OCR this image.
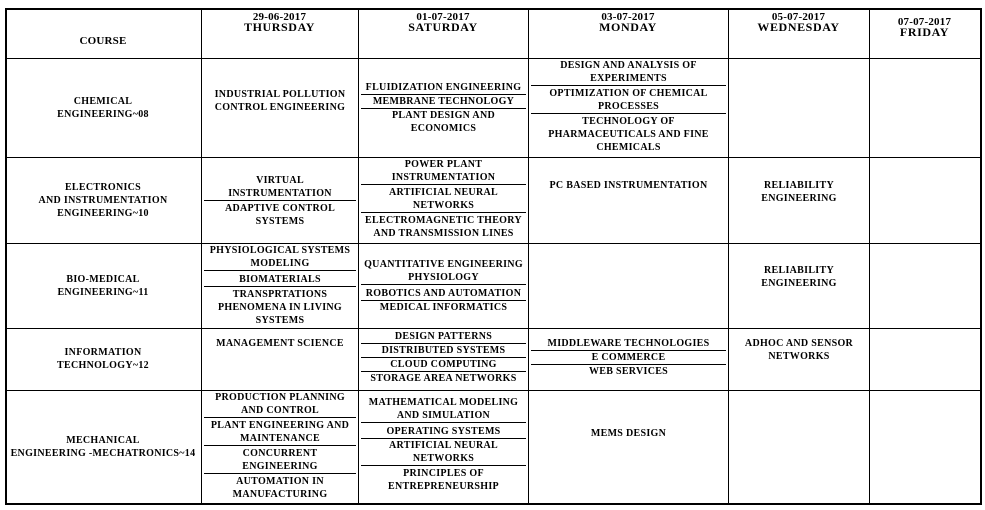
COURSE
29-06-2017
THURSDAY
01-07-2017
SATURDAY
03-07-2017
MONDAY
05-07-2017
WEDNESDAY	07-07-2017
FRIDAY
CHEMICAL
ENGINEERING~08
INDUSTRIAL POLLUTION CONTROL ENGINEERING
FLUIDIZATION ENGINEERING
MEMBRANE TECHNOLOGY
PLANT DESIGN AND ECONOMICS
DESIGN AND ANALYSIS OF EXPERIMENTS
OPTIMIZATION OF CHEMICAL PROCESSES
TECHNOLOGY OF PHARMACEUTICALS AND FINE CHEMICALS
ELECTRONICS
AND INSTRUMENTATION
ENGINEERING~10
VIRTUAL INSTRUMENTATION
ADAPTIVE CONTROL SYSTEMS
POWER PLANT INSTRUMENTATION
ARTIFICIAL NEURAL NETWORKS
ELECTROMAGNETIC THEORY AND TRANSMISSION LINES
PC BASED INSTRUMENTATION	RELIABILITY ENGINEERING
BIO-MEDICAL
ENGINEERING~11
PHYSIOLOGICAL SYSTEMS MODELING
BIOMATERIALS
TRANSPRTATIONS PHENOMENA IN LIVING SYSTEMS
QUANTITATIVE ENGINEERING PHYSIOLOGY
ROBOTICS AND AUTOMATION
MEDICAL INFORMATICS
RELIABILITY ENGINEERING
INFORMATION
TECHNOLOGY~12
MANAGEMENT SCIENCE
DESIGN PATTERNS
DISTRIBUTED SYSTEMS
CLOUD COMPUTING
STORAGE AREA NETWORKS
MIDDLEWARE TECHNOLOGIES
E COMMERCE
WEB SERVICES
ADHOC AND SENSOR NETWORKS
MECHANICAL
ENGINEERING -MECHATRONICS~14
PRODUCTION PLANNING AND CONTROL
PLANT ENGINEERING AND MAINTENANCE
CONCURRENT ENGINEERING
AUTOMATION IN MANUFACTURING
MATHEMATICAL MODELING AND SIMULATION
OPERATING SYSTEMS
ARTIFICIAL NEURAL NETWORKS
PRINCIPLES OF ENTREPRENEURSHIP
MEMS DESIGN
